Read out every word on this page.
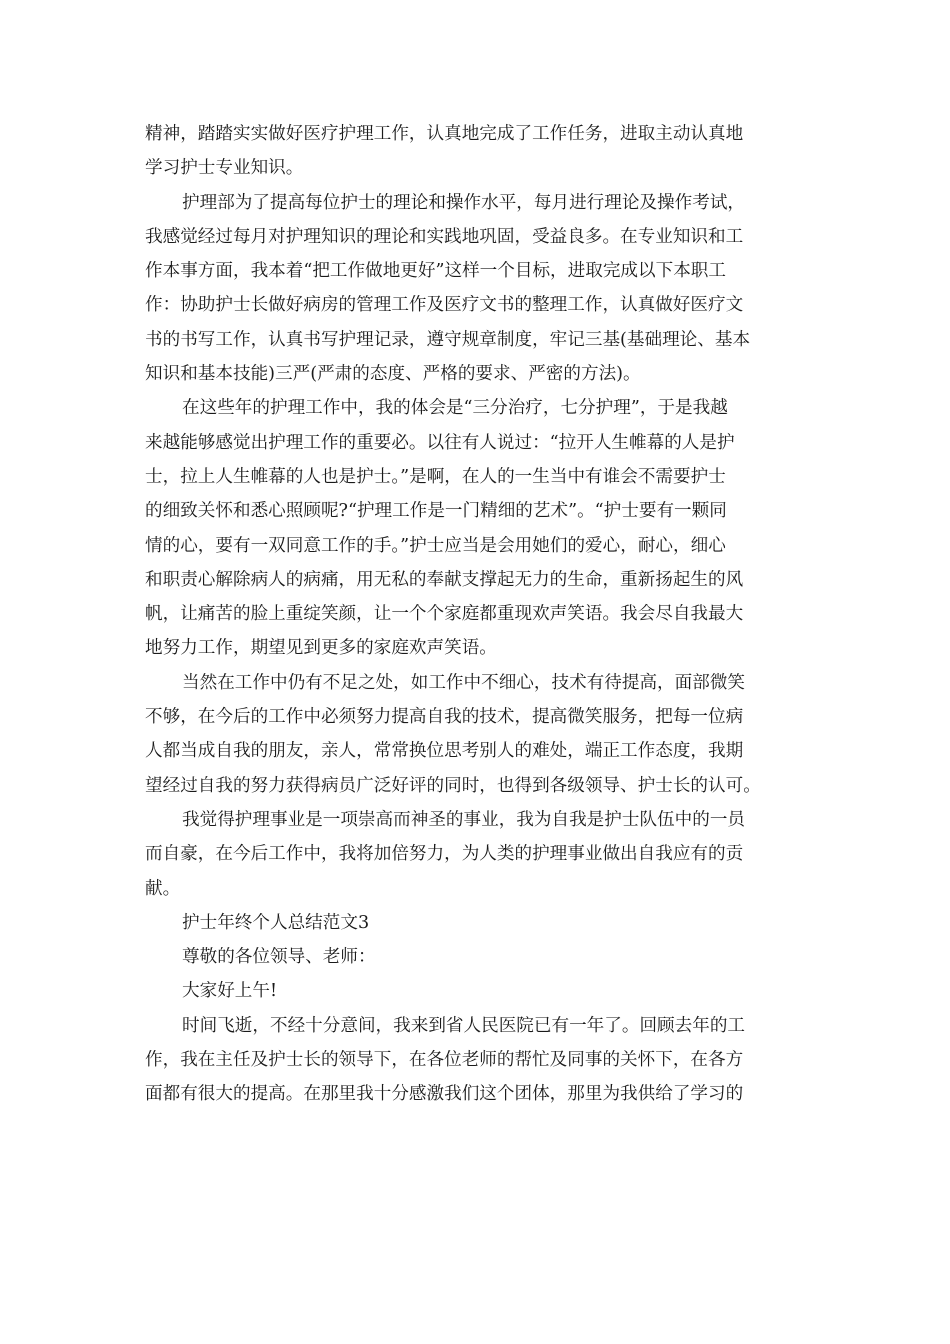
精神，踏踏实实做好医疗护理工作，认真地完成了工作任务，进取主动认真地
学习护士专业知识。
护理部为了提高每位护士的理论和操作水平，每月进行理论及操作考试，
我感觉经过每月对护理知识的理论和实践地巩固，受益良多。在专业知识和工
作本事方面，我本着“把工作做地更好”这样一个目标，进取完成以下本职工
作：协助护士长做好病房的管理工作及医疗文书的整理工作，认真做好医疗文
书的书写工作，认真书写护理记录，遵守规章制度，牢记三基(基础理论、基本
知识和基本技能)三严(严肃的态度、严格的要求、严密的方法)。
在这些年的护理工作中，我的体会是“三分治疗，七分护理”，于是我越
来越能够感觉出护理工作的重要必。以往有人说过：“拉开人生帷幕的人是护
士，拉上人生帷幕的人也是护士。”是啊，在人的一生当中有谁会不需要护士
的细致关怀和悉心照顾呢?“护理工作是一门精细的艺术”。“护士要有一颗同
情的心，要有一双同意工作的手。”护士应当是会用她们的爱心，耐心，细心
和职责心解除病人的病痛，用无私的奉献支撑起无力的生命，重新扬起生的风
帆，让痛苦的脸上重绽笑颜，让一个个家庭都重现欢声笑语。我会尽自我最大
地努力工作，期望见到更多的家庭欢声笑语。
当然在工作中仍有不足之处，如工作中不细心，技术有待提高，面部微笑
不够，在今后的工作中必须努力提高自我的技术，提高微笑服务，把每一位病
人都当成自我的朋友，亲人，常常换位思考别人的难处，端正工作态度，我期
望经过自我的努力获得病员广泛好评的同时，也得到各级领导、护士长的认可。
我觉得护理事业是一项崇高而神圣的事业，我为自我是护士队伍中的一员
而自豪，在今后工作中，我将加倍努力，为人类的护理事业做出自我应有的贡
献。
护士年终个人总结范文3
尊敬的各位领导、老师：
大家好上午!
时间飞逝，不经十分意间，我来到省人民医院已有一年了。回顾去年的工
作，我在主任及护士长的领导下，在各位老师的帮忙及同事的关怀下，在各方
面都有很大的提高。在那里我十分感激我们这个团体，那里为我供给了学习的
